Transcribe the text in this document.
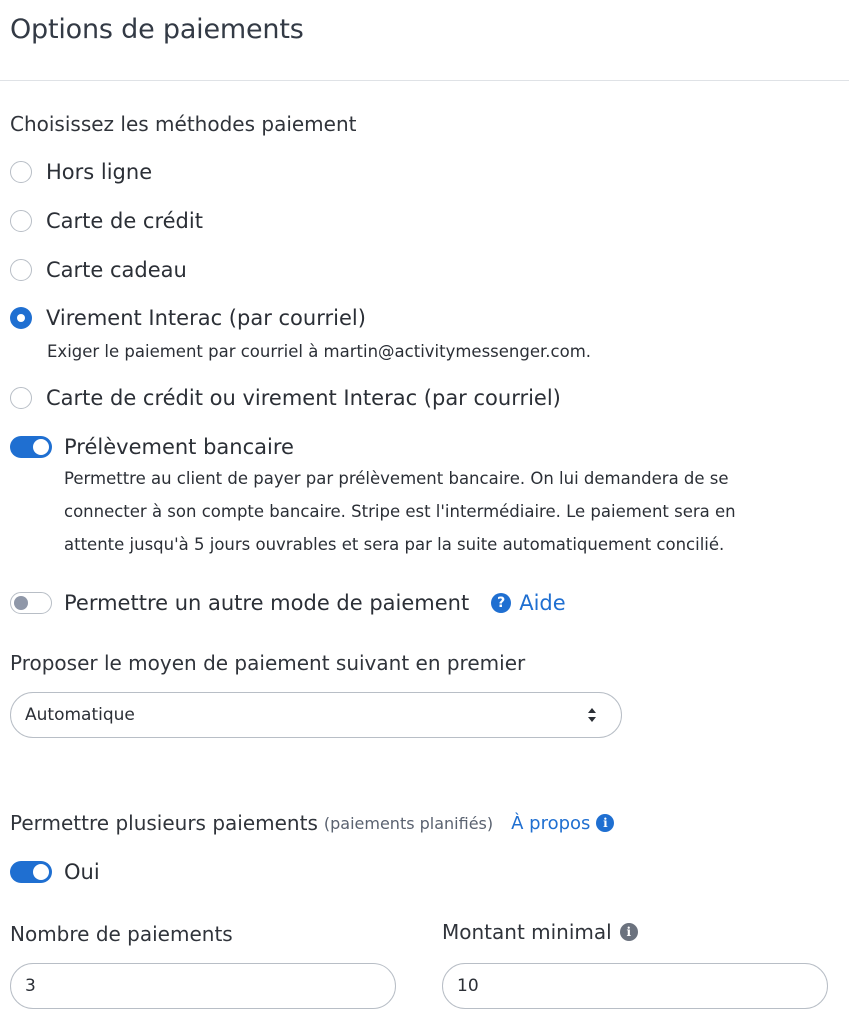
Options de paiements
Choisissez les méthodes paiement
Hors ligne
Carte de crédit
Carte cadeau
Virement Interac (par courriel)
Exiger le paiement par courriel à martin@activitymessenger.com.
Carte de crédit ou virement Interac (par courriel)
Prélèvement bancaire
Permettre au client de payer par prélèvement bancaire. On lui demandera de se
connecter à son compte bancaire. Stripe est l'intermédiaire. Le paiement sera en
attente jusqu'à 5 jours ouvrables et sera par la suite automatiquement concilié.
Permettre un autre mode de paiement	? Aide
Proposer le moyen de paiement suivant en premier
Automatique
Permettre plusieurs paiements (paiements planifiés) À propos	i
Oui
Nombre de paiements
3
Montant minimal	i
10
